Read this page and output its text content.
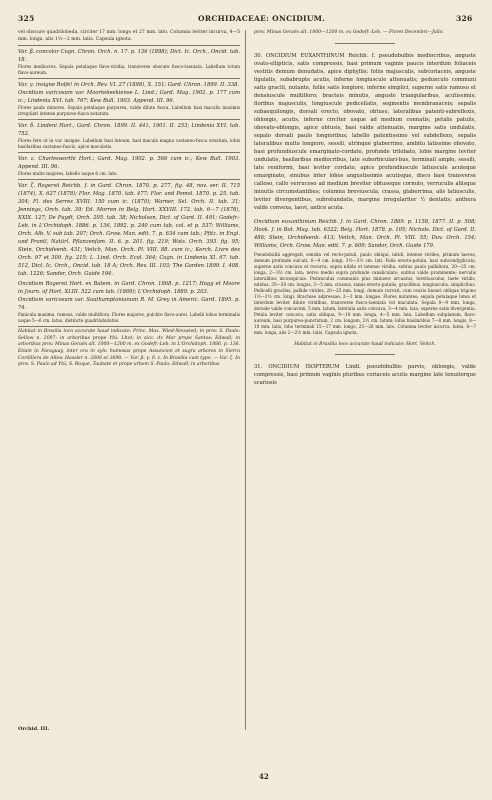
325	ORCHIDACEAE: ONCIDIUM.	326

vel obscure quadrilobeda, circiter 17 mm. longo et 27 mm. lato. Columna leviter incurva, 4—5 mm. longa, alis 1½—2 mm. latis. Capsula ignota.

Var. β. concolor Cogn. Chron. Orch. n. 17. p. 136 (1898); Dict. Ic. Orch., Oncid. tab. 18.

Flores mediocres. Sepala petalaque flavo-viridia, transverse obscure fusco-taeniata. Labellum totum flavo-aureum.

Var. γ. insigne Rolfe! in Orch. Rev. VI. 27 (1898), X. 151; Gard. Chron. 1899. II. 338.

Oncidium varicosum var. Moortebeekiense L. Lind.; Gard. Mag. 1902. p. 177 cum ic.; Lindenia XVI. tab. 767; Kew Bull. 1903. Append. III. 96.

Flores paulo minores. Sepala petalaque purpurea, valde dilute fusca. Labellum basi maculis maximis irregulari intense purpureo-fusca notatum.

Var. δ. Lindeni Hort.; Gard. Chron. 1899. II. 441, 1901. II. 253; Lindenia XVI. tab. 752.

Flores fere ut in var. insigne. Labellum basi luteum, basi macula magna castaneo-fusca ornatum, lobis basilaribus castaneo-fuscis, apice maculatis.

Var. ε. Charlesworthi Hort.; Gard. Mag. 1902. p. 566 cum ic.; Kew Bull. 1903. Append. III. 96.

Flores multo majores, labello usque 6 cm. lato.

Var. ζ. Rogersii Reichb. f. in Gard. Chron. 1870. p. 277, fig. 48, nov. ser. II. 715 (1874), X. 627 (1878); Flor. Mag. 1870. tab. 477; Flor. and Pomol. 1870. p. 25. tab. 304; Fl. des Serres XVIII. 150 cum ic. (1870); Warner, Sel. Orch. II. tab. 31; Jennings, Orch. tab. 39; Ed. Morren in Belg. Hort. XXVIII. 172. tab. 6—7 (1878), XXIX. 127; De Puydt, Orch. 205. tab. 38; Nicholson, Dict. of Gard. II. 491; Godefr.-Leb. in L'Orchidoph. 1886. p. 136, 1892. p. 240 cum tab. col. et p. 537; Williams, Orch. Alb. V. sub tab. 207; Orch. Grow. Man. edit. 7. p. 634 cum tab.; Pfitz. in Engl. und Prantl, Natürl. Pflanzenfam. II. 6. p. 201. fig. 219; Wats. Orch. 393. fig. 95; Stein, Orchideenb. 431; Veitch, Man. Orch. Pl. VIII. 88. cum ic.; Kerch. Livre des Orch. 97 et 309. fig. 215; L. Lind. Orch. Ecol. 364; Cogn. in Lindenia XI. 67. tab. 512, Dict. Ic. Orch., Oncid. tab. 18 A; Orch. Rev. III. 103; The Garden 1899. I. 408. tab. 1226; Sander, Orch. Guide 194.

Oncidium Rogersii Hort. ex Batem. in Gard. Chron. 1868. p. 1217; Hogg et Moore in Journ. of Hort. XLIII. 522 cum tab. (1869); L'Orchidoph. 1889. p. 203.

Oncidium varicosum var. Southamptonianum R. M. Grey in Americ. Gard. 1895. p. 74.

Panicula maxima, ramosa, valde multiflora. Flores majores, pulchre flavo-aurei. Labelli lobus terminalis usque 5—6 cm. latus, distincte quadrilobulatus.

Habitat in Brasilia loco accurate haud indicato: Princ. Max. Wied-Neuwied; in prov. S. Paulo: Sellow n. 2097; in arboribus prope Ytú: Lhot; in sicc. dv Mar prope Santos: Edwall; in arboribus prov. Minas Geraës alt. 1000—1200 m. ex Godefr.-Leb. in L'Orchidoph. 1886. p. 136. Etiam in Paraguay, inter ora in sylv. humosas prope Assuncion et sugra arbores in Sierra Cordillera de Altos: Hassler n. 2606 et 3690. — Var. β. γ. δ. ε. In Brasilia cum typo. — Var. ζ. In prov. S. Paulo ad Ytú, S. Roque, Taubaté et prope urbem S. Paulo: Edwall; in arboribus

prov. Minas Geraës alt. 1000—1200 m. ex Godefr.-Leb. — Floret Decembri—Julio.

30. ONCIDIUM EUXANTHINUM Reichb. f. pseudobulbis mediocribus, anguste ovato-ellipticis, satis compressis, basi primum vaginis paucis interdum foliaceis vestitis demum denudatis, apice diphyllis; foliis majusculis, subcoriaceis, anguste ligulatis, subabrupte acutis, inferne longiuscule attenuatis; pedunculo communi satis gracili, nutante, foliis satis longiore, inferne simplici, superne satis ramoso et densiuscule multifloro; bracteis minutis, anguste triangularibus, acutissimis; floribus majusculis, longiuscule pedicellatis, segmentis membranaceis; sepalis subaequilongis, dorsali erecto, obovato, obtuso, lateralibus patenti-subreflexis, oblongis, acutis, inferne circiter usque ad medium connatis; petalis patulis, obovato-oblongis, apice obtusis, basi valde attenuatis, margine satis undulatis, sepalo dorsali paulo longioribus; labello patentissimo vel subdeflexo, sepalis lateralibus multo longiore, sessili, utrinque glaberrimo, ambitu latissime obovato, basi profundiuscule emarginato-cordato, profunde trilobato, lobis margine leviter undulatis, basilaribus mediocribus, late suborbiculari-bus, terminali amplo, sessili, late reniformi, basi leviter cordato, apice profundiuscule latiuscule acuteque emarginato, sinubus inter lobos angustissimis acutisque, disco basi transverse calloso, callo verrucoso ad medium breviter obtuseque cornuto, verruculis aliisque minutis circumstantibus; columna breviuscula, crassa, glaberrima, alis latiusculis, leviter divergentibus, subrotundatis, margine irregulariter ½ dentatis; anthera valde convexa, laevi, antice acuta.

Oncidium euxanthinum Reichb. f. in Gard. Chron. 1869. p. 1158, 1877. II. p. 508; Hook. f. in Bot. Mag. tab. 6322; Belg. Hort. 1878. p. 105; Nichols. Dict. of Gard. II. 486; Stein, Orchideenb. 413; Veitch, Man. Orch. Pl. VIII. 55; Duv. Orch. 154; Williams, Orch. Grow. Man. edit. 7. p. 609; Sandor, Orch. Guide 179.

Pseudobulbi aggregati, sensim vel recto-patuli, paulo obliqui, nitidi, intense virides, primum laeves, demum profunde sulcati, 6—9 cm. longi, 3½—3½ cm. lati. Folia erecto-patula, basi subcondyplicata, superne satis concava et recurva, supra nitida et intense viridia, subtus paulo pallidiora, 20—25 cm. longa, 2—3½ cm. lata; nervo medio supra profunde canaliculato, subtus valde prominente; nervulis lateralibus inconspicuis. Pedunculus communis plus minusve arcuatus, teretiusculus, laete viridis, nitidus, 35—50 cm. longus, 3—5 mm. crassus, ramis erecto-patulis, gracilibus, longiusculis, simplicibus. Pedicelli graciles, pallide virides, 20—25 mm. longi, demum curvati, cum ovario lineari oblique trigono 1½—2½ cm. longi. Bracteae adpressae, 2—3 mm. longae. Flores nutantes; sepala petalaque lutea et interdum leviter dilute viridibus, transverse fusco-taeniata vel maculata. Sepala 8—9 mm. longa, dorsale valde concavum, 5 mm. latum, lateralia satis concava, 3—4 mm. lata, superne satis divergentia. Petala leviter concava, satis obliqua, 9—10 mm. longa, 4—5 mm. lata. Labellum subplanum, flavo-aureum, basi purpureo-punctatum, 2 cm. longum, 2½ cm. latum; lobis basilaribus 7—8 mm. longis, 8—10 mm. latis, lobo terminali 15—17 mm. longo, 25—28 mm. lato. Columna leviter incurva, lutea, 6—7 mm. longa, alis 2—2½ mm. latis. Capsula ignota.

Habitat in Brasilia loco accurate haud indicato: Hort. Veitch.

31. ONCIDIUM ISOPTERUM Lindl. pseudobulbis parvis, oblongis, valde compressis, basi primum vaginis pluribus coriaceis acutis margine late tenuiterque scariosis

Orchid. III.
42
